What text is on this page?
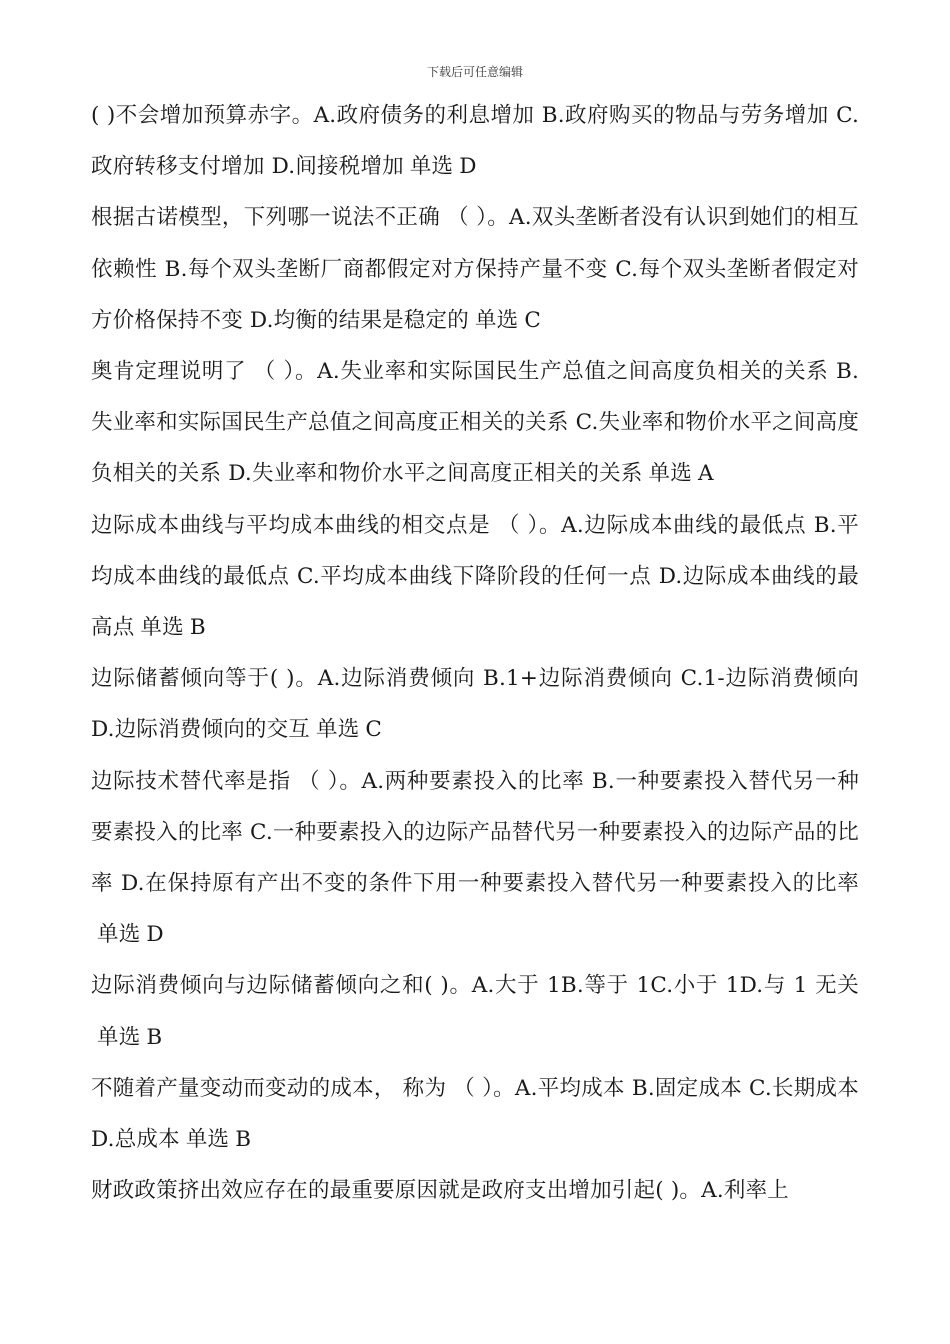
下载后可任意编辑

( )不会增加预算赤字。A.政府债务的利息增加 B.政府购买的物品与劳务增加 C.政府转移支付增加 D.间接税增加 单选 D

根据古诺模型，下列哪一说法不正确 （ ）。A.双头垄断者没有认识到她们的相互依赖性 B.每个双头垄断厂商都假定对方保持产量不变 C.每个双头垄断者假定对方价格保持不变 D.均衡的结果是稳定的 单选 C

奥肯定理说明了 （ ）。A.失业率和实际国民生产总值之间高度负相关的关系 B.失业率和实际国民生产总值之间高度正相关的关系 C.失业率和物价水平之间高度负相关的关系 D.失业率和物价水平之间高度正相关的关系 单选 A

边际成本曲线与平均成本曲线的相交点是 （ ）。A.边际成本曲线的最低点 B.平均成本曲线的最低点 C.平均成本曲线下降阶段的任何一点 D.边际成本曲线的最高点 单选 B

边际储蓄倾向等于( )。A.边际消费倾向 B.1+边际消费倾向 C.1-边际消费倾向 D.边际消费倾向的交互 单选 C

边际技术替代率是指 （ ）。A.两种要素投入的比率 B.一种要素投入替代另一种要素投入的比率 C.一种要素投入的边际产品替代另一种要素投入的边际产品的比率 D.在保持原有产出不变的条件下用一种要素投入替代另一种要素投入的比率单选 D

边际消费倾向与边际储蓄倾向之和( )。A.大于 1B.等于 1C.小于 1D.与 1 无关单选 B

不随着产量变动而变动的成本， 称为 （ ）。A.平均成本 B.固定成本 C.长期成本 D.总成本 单选 B

财政政策挤出效应存在的最重要原因就是政府支出增加引起( )。A.利率上
